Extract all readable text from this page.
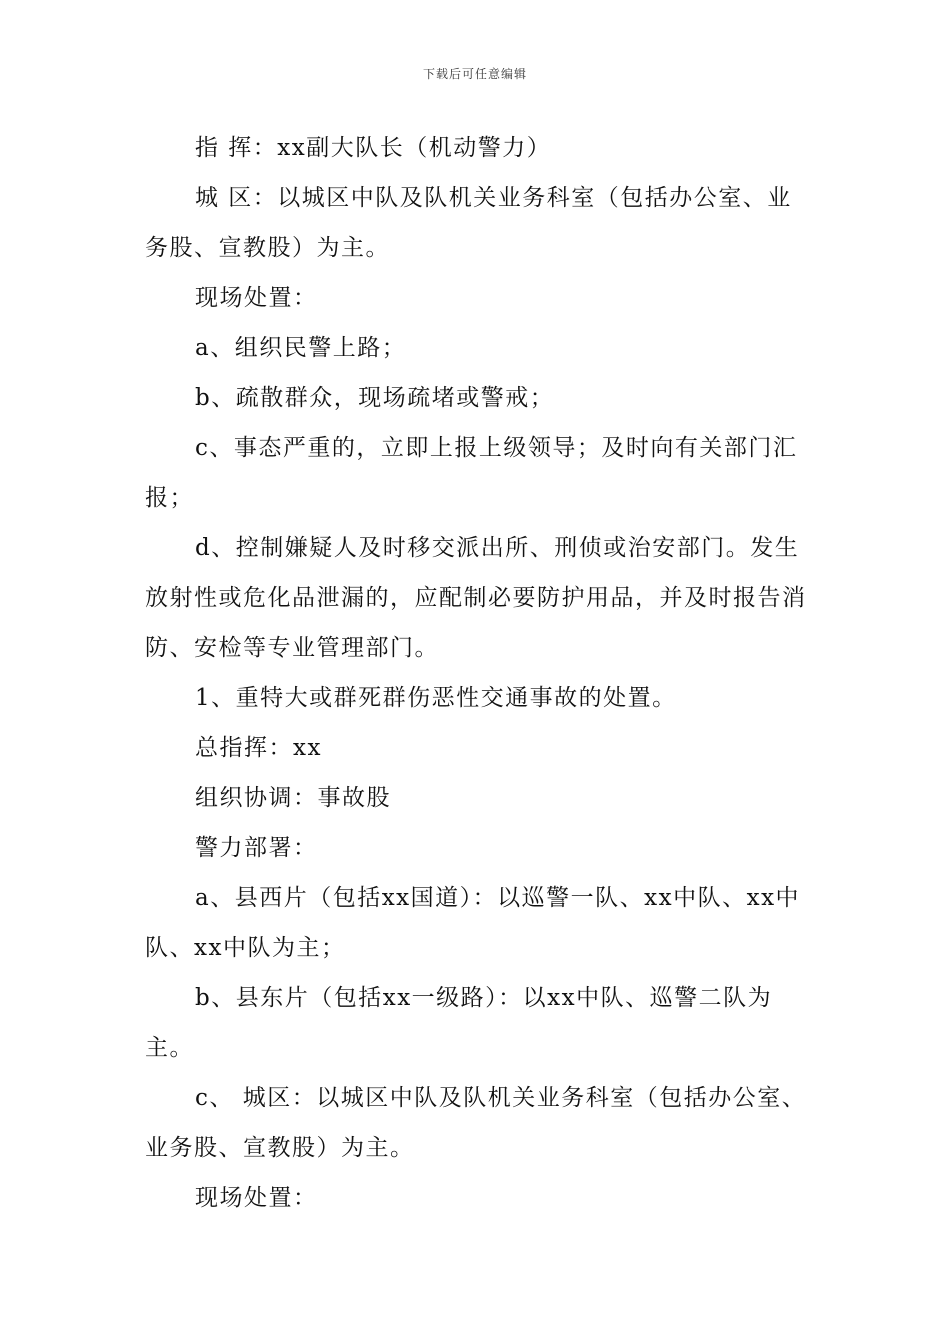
下载后可任意编辑

指 挥：xx副大队长（机动警力）

城 区：以城区中队及队机关业务科室（包括办公室、业务股、宣教股）为主。

现场处置：

a、组织民警上路；

b、疏散群众，现场疏堵或警戒；

c、事态严重的，立即上报上级领导；及时向有关部门汇报；

d、控制嫌疑人及时移交派出所、刑侦或治安部门。发生放射性或危化品泄漏的，应配制必要防护用品，并及时报告消防、安检等专业管理部门。

1、重特大或群死群伤恶性交通事故的处置。

总指挥：xx

组织协调：事故股

警力部署：

a、县西片（包括xx国道）：以巡警一队、xx中队、xx中队、xx中队为主；

b、县东片（包括xx一级路）：以xx中队、巡警二队为主。

c、 城区：以城区中队及队机关业务科室（包括办公室、业务股、宣教股）为主。

现场处置：
